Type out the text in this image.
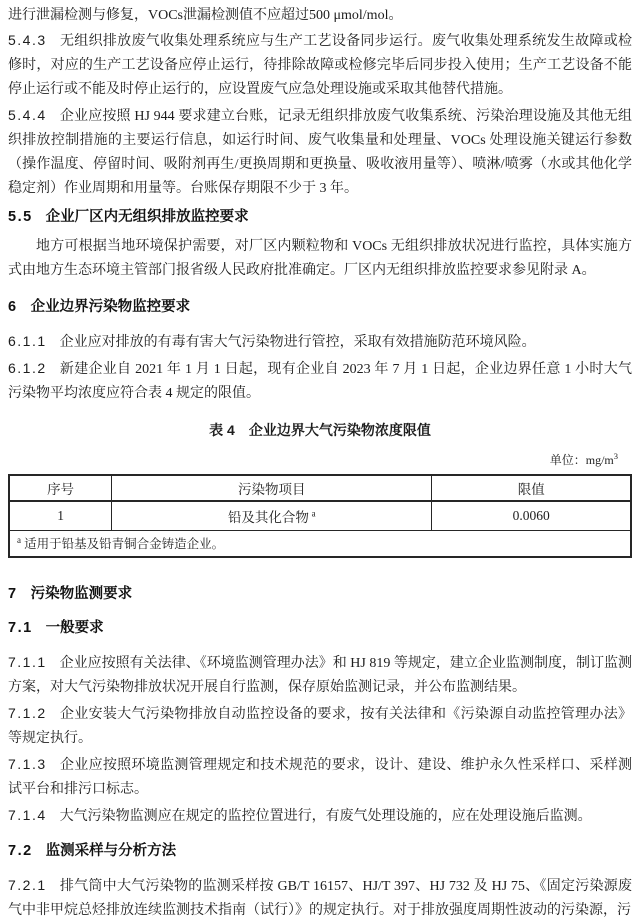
进行泄漏检测与修复，VOCs泄漏检测值不应超过500 μmol/mol。

5.4.3 无组织排放废气收集处理系统应与生产工艺设备同步运行。废气收集处理系统发生故障或检修时，对应的生产工艺设备应停止运行，待排除故障或检修完毕后同步投入使用；生产工艺设备不能停止运行或不能及时停止运行的，应设置废气应急处理设施或采取其他替代措施。

5.4.4 企业应按照 HJ 944 要求建立台账，记录无组织排放废气收集系统、污染治理设施及其他无组织排放控制措施的主要运行信息，如运行时间、废气收集量和处理量、VOCs 处理设施关键运行参数（操作温度、停留时间、吸附剂再生/更换周期和更换量、吸收液用量等）、喷淋/喷雾（水或其他化学稳定剂）作业周期和用量等。台账保存期限不少于 3 年。

5.5 企业厂区内无组织排放监控要求

地方可根据当地环境保护需要，对厂区内颗粒物和 VOCs 无组织排放状况进行监控，具体实施方式由地方生态环境主管部门报省级人民政府批准确定。厂区内无组织排放监控要求参见附录 A。

6 企业边界污染物监控要求

6.1.1 企业应对排放的有毒有害大气污染物进行管控，采取有效措施防范环境风险。

6.1.2 新建企业自 2021 年 1 月 1 日起，现有企业自 2023 年 7 月 1 日起，企业边界任意 1 小时大气污染物平均浓度应符合表 4 规定的限值。

表 4　企业边界大气污染物浓度限值

单位：$mg/m^3$

序号	污染物项目	限值
1	铅及其化合物  $^a$	0.0060
$^a$ 适用于铅基及铅青铜合金铸造企业。		
7 污染物监测要求
7.1 一般要求

7.1.1 企业应按照有关法律、《环境监测管理办法》和 HJ 819 等规定，建立企业监测制度，制订监测方案，对大气污染物排放状况开展自行监测，保存原始监测记录，并公布监测结果。

7.1.2 企业安装大气污染物排放自动监控设备的要求，按有关法律和《污染源自动监控管理办法》等规定执行。

7.1.3 企业应按照环境监测管理规定和技术规范的要求，设计、建设、维护永久性采样口、采样测试平台和排污口标志。

7.1.4 大气污染物监测应在规定的监控位置进行，有废气处理设施的，应在处理设施后监测。

7.2 监测采样与分析方法

7.2.1 排气筒中大气污染物的监测采样按 GB/T 16157、HJ/T 397、HJ 732 及 HJ 75、《固定污染源废气中非甲烷总烃排放连续监测技术指南（试行）》的规定执行。对于排放强度周期性波动的污染源，污
